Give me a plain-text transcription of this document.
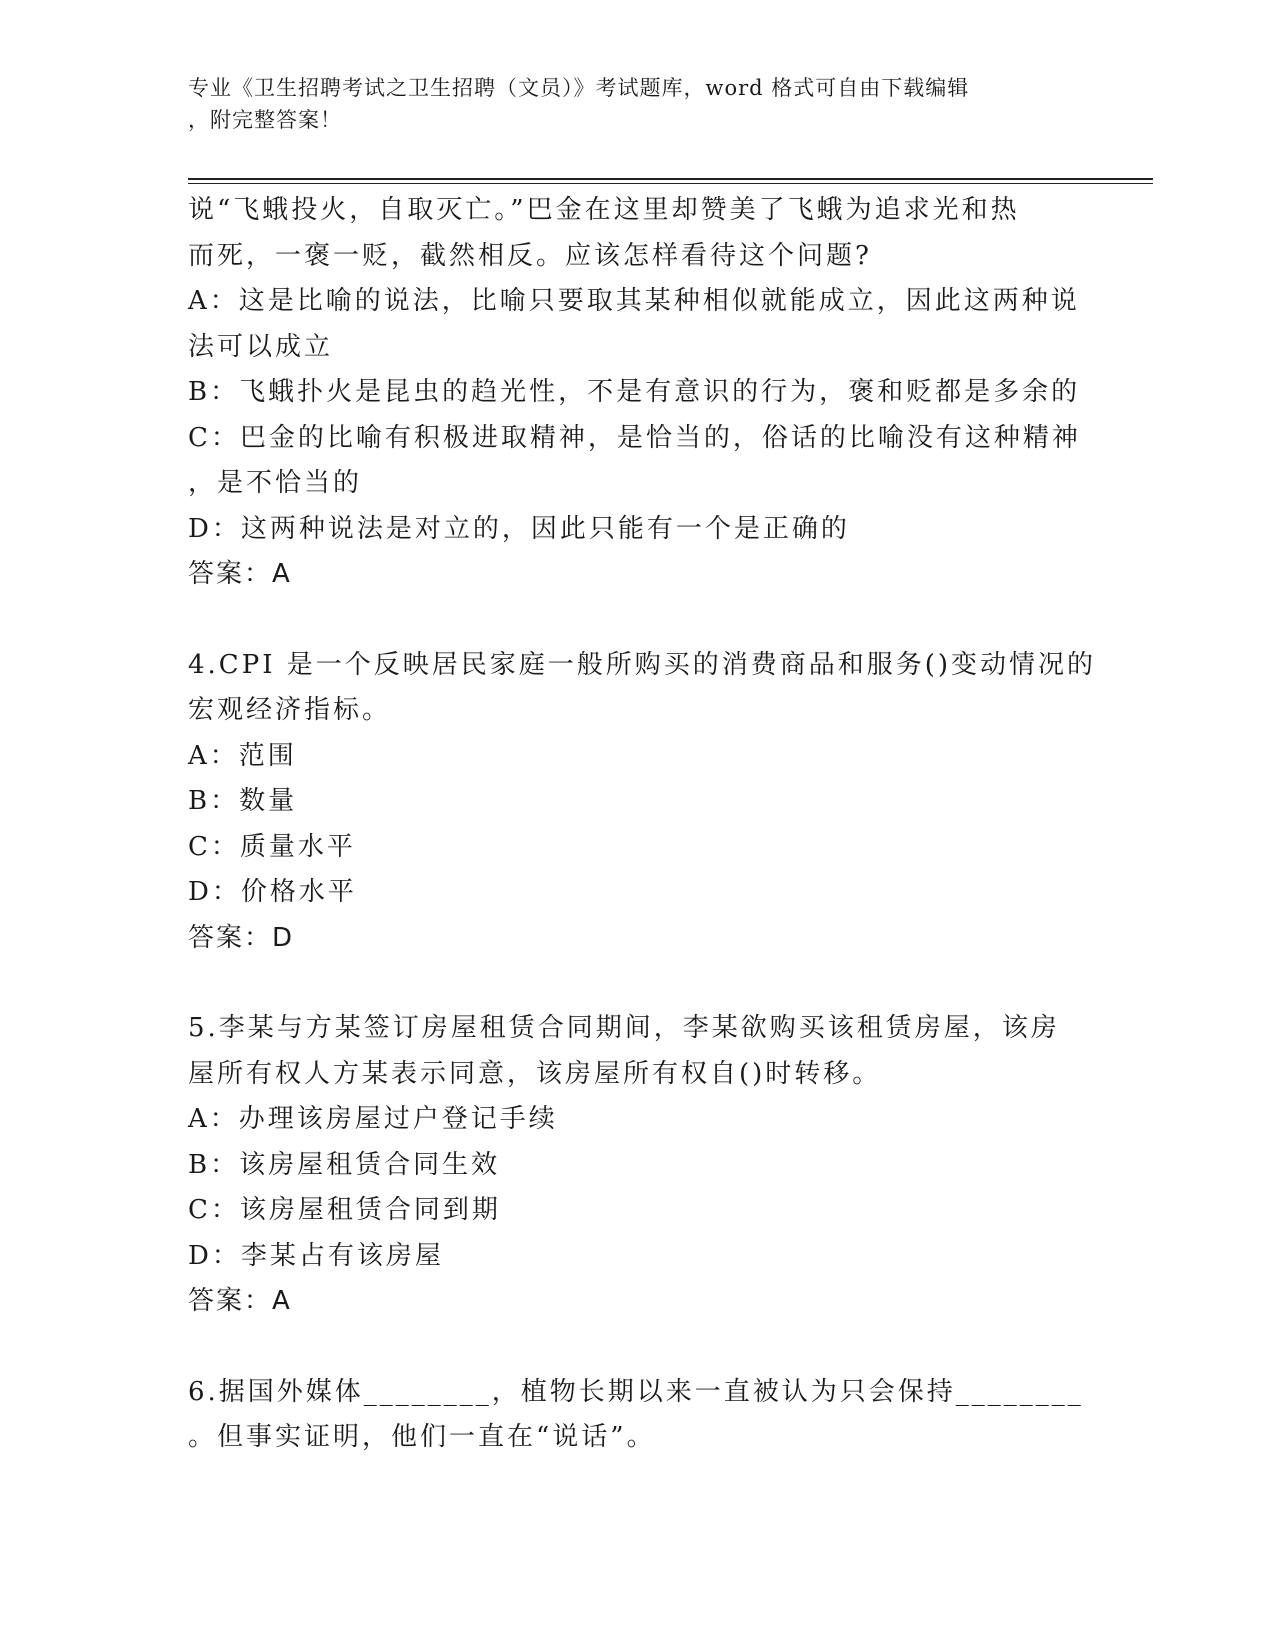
专业《卫生招聘考试之卫生招聘（文员）》考试题库，word 格式可自由下载编辑
，附完整答案！
说“飞蛾投火，自取灭亡。”巴金在这里却赞美了飞蛾为追求光和热
而死，一褒一贬，截然相反。应该怎样看待这个问题?
A：这是比喻的说法，比喻只要取其某种相似就能成立，因此这两种说
法可以成立
B：飞蛾扑火是昆虫的趋光性，不是有意识的行为，褒和贬都是多余的
C：巴金的比喻有积极进取精神，是恰当的，俗话的比喻没有这种精神
，是不恰当的
D：这两种说法是对立的，因此只能有一个是正确的
答案：A
4.CPI 是一个反映居民家庭一般所购买的消费商品和服务()变动情况的
宏观经济指标。
A：范围
B：数量
C：质量水平
D：价格水平
答案：D
5.李某与方某签订房屋租赁合同期间，李某欲购买该租赁房屋，该房
屋所有权人方某表示同意，该房屋所有权自()时转移。
A：办理该房屋过户登记手续
B：该房屋租赁合同生效
C：该房屋租赁合同到期
D：李某占有该房屋
答案：A
6.据国外媒体________，植物长期以来一直被认为只会保持________
。但事实证明，他们一直在“说话”。
